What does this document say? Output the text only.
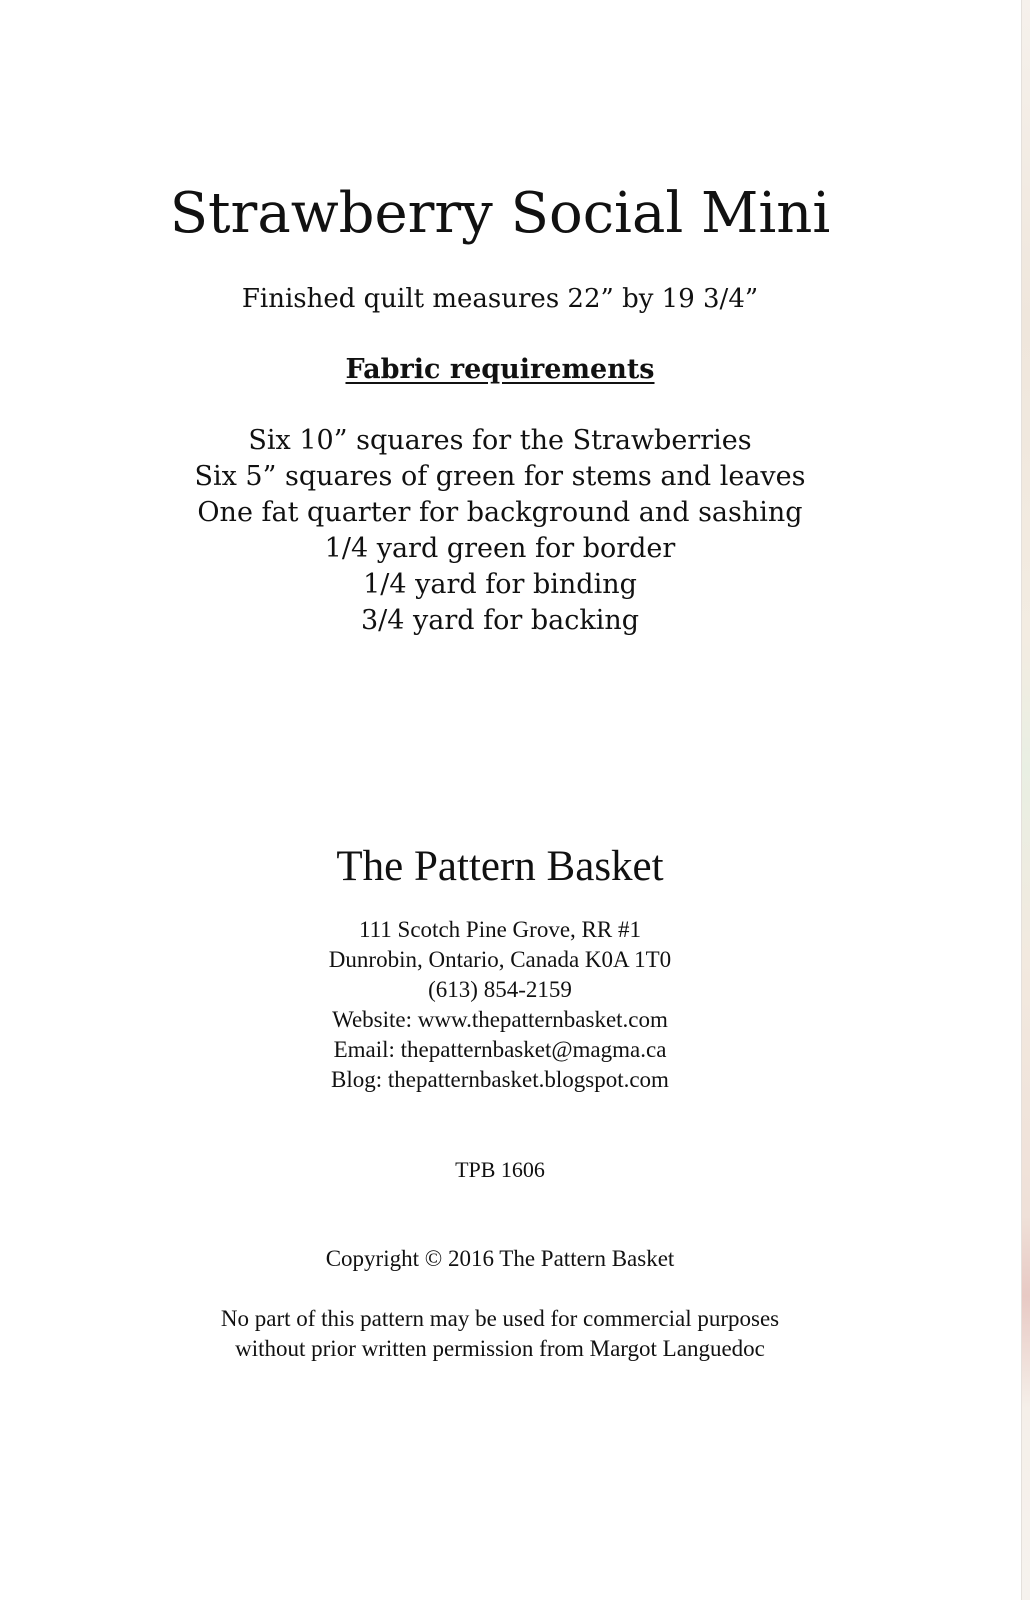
Strawberry Social Mini
Finished quilt measures 22” by 19 3/4”
Fabric requirements
Six 10” squares for the Strawberries
Six 5” squares of green for stems and leaves
One fat quarter for background and sashing
1/4 yard green for border
1/4 yard for binding
3/4 yard for backing
The Pattern Basket
111 Scotch Pine Grove, RR #1
Dunrobin, Ontario, Canada K0A 1T0
(613) 854-2159
Website: www.thepatternbasket.com
Email: thepatternbasket@magma.ca
Blog: thepatternbasket.blogspot.com
TPB 1606
Copyright © 2016 The Pattern Basket
No part of this pattern may be used for commercial purposes
without prior written permission from Margot Languedoc
